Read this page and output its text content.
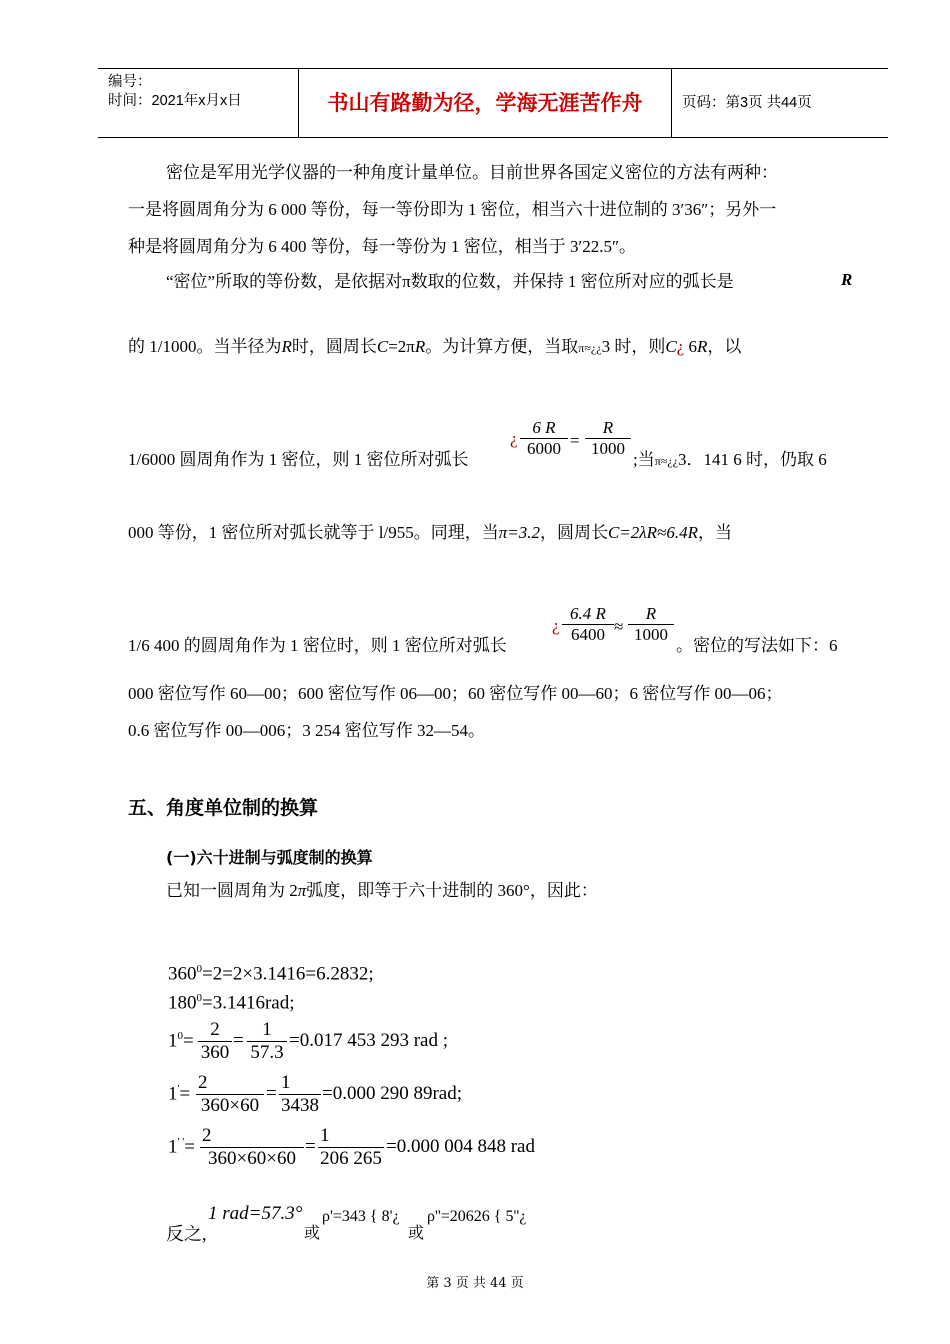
编号：
时间：2021年x月x日	书山有路勤为径，学海无涯苦作舟	页码：第3页 共44页
密位是军用光学仪器的一种角度计量单位。目前世界各国定义密位的方法有两种：
一是将圆周角分为 6 000 等份，每一等份即为 1 密位，相当六十进位制的 3′36″；另外一
种是将圆周角分为 6 400 等份，每一等份为 1 密位，相当于 3′22.5″。
“密位”所取的等份数，是依据对π数取的位数，并保持 1 密位所对应的弧长是	R
的 1/1000。当半径为R时，圆周长C=2πR。为计算方便，当取π≈¿¿3 时，则C¿ 6R，以
1/6000 圆周角作为 1 密位，则 1 密位所对弧长
¿
6 R
6000 =
R
1000
;当π≈¿¿3．141 6 时，仍取 6
000 等份，1 密位所对弧长就等于 l/955。同理，当π=3.2，圆周长C=2λR≈6.4R，当
1/6 400 的圆周角作为 1 密位时，则 1 密位所对弧长
¿
6.4 R
6400 ≈
R
1000
。密位的写法如下：6
000 密位写作 60—00；600 密位写作 06—00；60 密位写作 00—60；6 密位写作 00—06；
0.6 密位写作 00—006；3 254 密位写作 32—54。
五、角度单位制的换算
(一)六十进制与弧度制的换算
已知一圆周角为 2π弧度，即等于六十进制的 360°，因此：
$360^0=2=2\times 3.1416=6.2832$;
$180^0=3.1416rad$;
$1^0=$
2
360
=
1
57.3
=0.017 453 293 rad ;
1'=
2
360×60
=
1
3438
=0.000 290 89rad;
1' '=
2
360×60×60
=
1
206 265
=0.000 004 848 rad
反之,
1 rad=57.3°
或
ρ'=343 { 8'¿
或
ρ''=20626 { 5''¿
第 3 页 共 44 页
